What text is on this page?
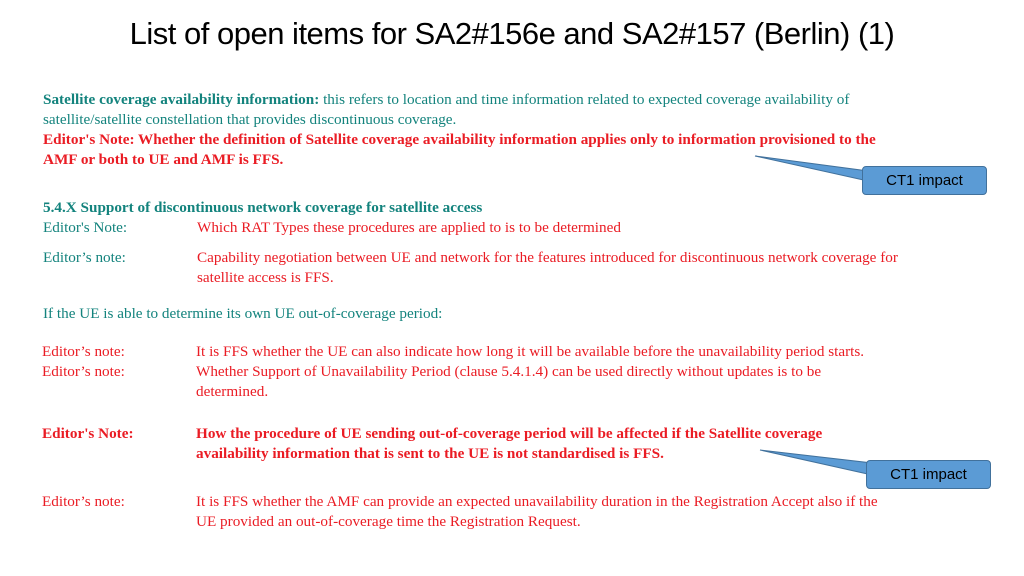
List of open items for SA2#156e and SA2#157 (Berlin) (1)
Satellite coverage availability information: this refers to location and time information related to expected coverage availability of
satellite/satellite constellation that provides discontinuous coverage.
Editor's Note: Whether the definition of Satellite coverage availability information applies only to information provisioned to the
AMF or both to UE and AMF is FFS.
5.4.X Support of discontinuous network coverage for satellite access
Editor's Note:	Which RAT Types these procedures are applied to is to be determined
Editor’s note:	Capability negotiation between UE and network for the features introduced for discontinuous network coverage for
satellite access is FFS.
If the UE is able to determine its own UE out-of-coverage period:
Editor’s note:	It is FFS whether the UE can also indicate how long it will be available before the unavailability period starts.
Editor’s note:	Whether Support of Unavailability Period (clause 5.4.1.4) can be used directly without updates is to be
determined.
Editor's Note:	How the procedure of UE sending out-of-coverage period will be affected if the Satellite coverage
availability information that is sent to the UE is not standardised is FFS.
Editor’s note:	It is FFS whether the AMF can provide an expected unavailability duration in the Registration Accept also if the
UE provided an out-of-coverage time the Registration Request.
CT1 impact
CT1 impact
